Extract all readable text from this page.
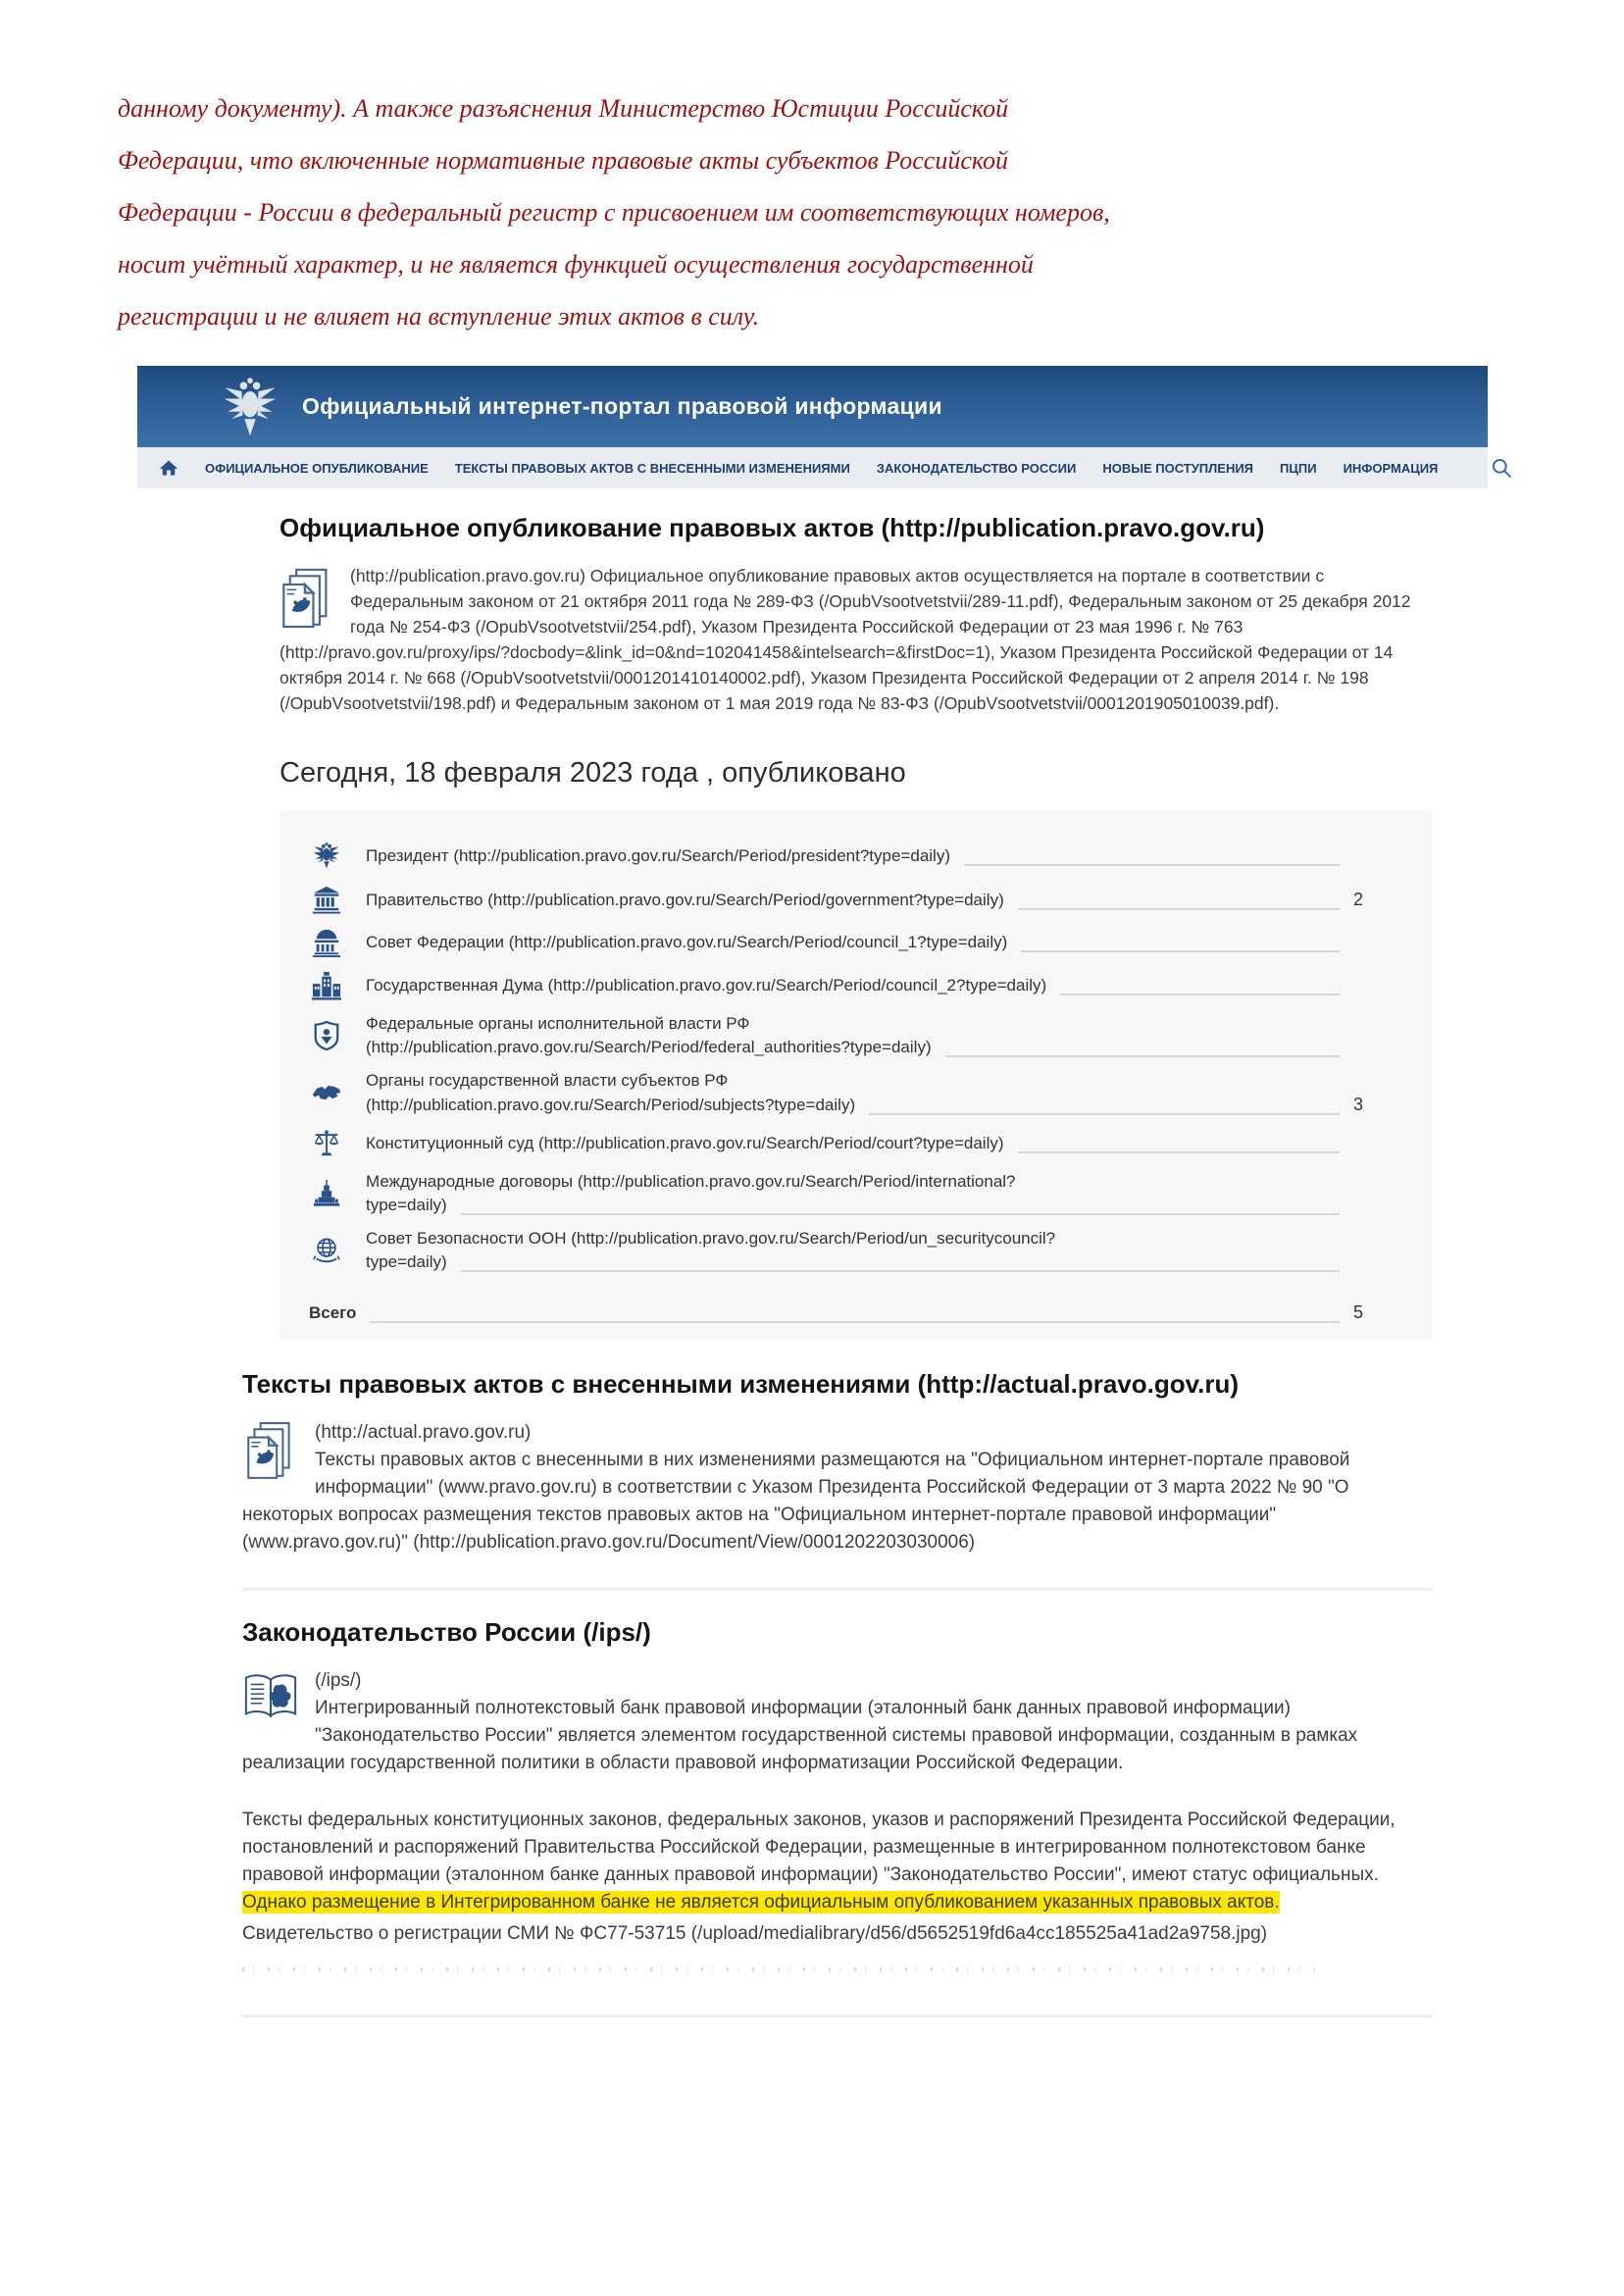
данному документу). А также разъяснения Министерство Юстиции Российской
Федерации, что включенные нормативные правовые акты субъектов Российской
Федерации - России в федеральный регистр с присвоением им соответствующих номеров,
носит учётный характер, и не является функцией осуществления государственной
регистрации и не влияет на вступление этих актов в силу.
Официальный интернет-портал правовой информации
ОФИЦИАЛЬНОЕ ОПУБЛИКОВАНИЕ ТЕКСТЫ ПРАВОВЫХ АКТОВ С ВНЕСЕННЫМИ ИЗМЕНЕНИЯМИ ЗАКОНОДАТЕЛЬСТВО РОССИИ НОВЫЕ ПОСТУПЛЕНИЯ ПЦПИ ИНФОРМАЦИЯ
Официальное опубликование правовых актов (http://publication.pravo.gov.ru)
(http://publication.pravo.gov.ru) Официальное опубликование правовых актов осуществляется на портале в соответствии с Федеральным законом от 21 октября 2011 года № 289-ФЗ (/OpubVsootvetstvii/289-11.pdf), Федеральным законом от 25 декабря 2012 года № 254-ФЗ (/OpubVsootvetstvii/254.pdf), Указом Президента Российской Федерации от 23 мая 1996 г. № 763 (http://pravo.gov.ru/proxy/ips/?docbody=&link_id=0&nd=102041458&intelsearch=&firstDoc=1), Указом Президента Российской Федерации от 14 октября 2014 г. № 668 (/OpubVsootvetstvii/0001201410140002.pdf), Указом Президента Российской Федерации от 2 апреля 2014 г. № 198 (/OpubVsootvetstvii/198.pdf) и Федеральным законом от 1 мая 2019 года № 83-ФЗ (/OpubVsootvetstvii/0001201905010039.pdf).
Сегодня, 18 февраля 2023 года , опубликовано
Президент (http://publication.pravo.gov.ru/Search/Period/president?type=daily)
Правительство (http://publication.pravo.gov.ru/Search/Period/government?type=daily)	2
Совет Федерации (http://publication.pravo.gov.ru/Search/Period/council_1?type=daily)
Государственная Дума (http://publication.pravo.gov.ru/Search/Period/council_2?type=daily)
Федеральные органы исполнительной власти РФ
(http://publication.pravo.gov.ru/Search/Period/federal_authorities?type=daily)
Органы государственной власти субъектов РФ
(http://publication.pravo.gov.ru/Search/Period/subjects?type=daily)	3
Конституционный суд (http://publication.pravo.gov.ru/Search/Period/court?type=daily)
Международные договоры (http://publication.pravo.gov.ru/Search/Period/international?
type=daily)
Совет Безопасности ООН (http://publication.pravo.gov.ru/Search/Period/un_securitycouncil?
type=daily)
Всего	5
Тексты правовых актов с внесенными изменениями (http://actual.pravo.gov.ru)
(http://actual.pravo.gov.ru)
Тексты правовых актов с внесенными в них изменениями размещаются на "Официальном интернет-портале правовой информации" (www.pravo.gov.ru) в соответствии с Указом Президента Российской Федерации от 3 марта 2022 № 90 "О некоторых вопросах размещения текстов правовых актов на "Официальном интернет-портале правовой информации" (www.pravo.gov.ru)" (http://publication.pravo.gov.ru/Document/View/0001202203030006)
Законодательство России (/ips/)
(/ips/)
Интегрированный полнотекстовый банк правовой информации (эталонный банк данных правовой информации) "Законодательство России" является элементом государственной системы правовой информации, созданным в рамках реализации государственной политики в области правовой информатизации Российской Федерации.
Тексты федеральных конституционных законов, федеральных законов, указов и распоряжений Президента Российской Федерации, постановлений и распоряжений Правительства Российской Федерации, размещенные в интегрированном полнотекстовом банке правовой информации (эталонном банке данных правовой информации) "Законодательство России", имеют статус официальных. Однако размещение в Интегрированном банке не является официальным опубликованием указанных правовых актов.
Свидетельство о регистрации СМИ № ФС77-53715 (/upload/medialibrary/d56/d5652519fd6a4cc185525a41ad2a9758.jpg)
